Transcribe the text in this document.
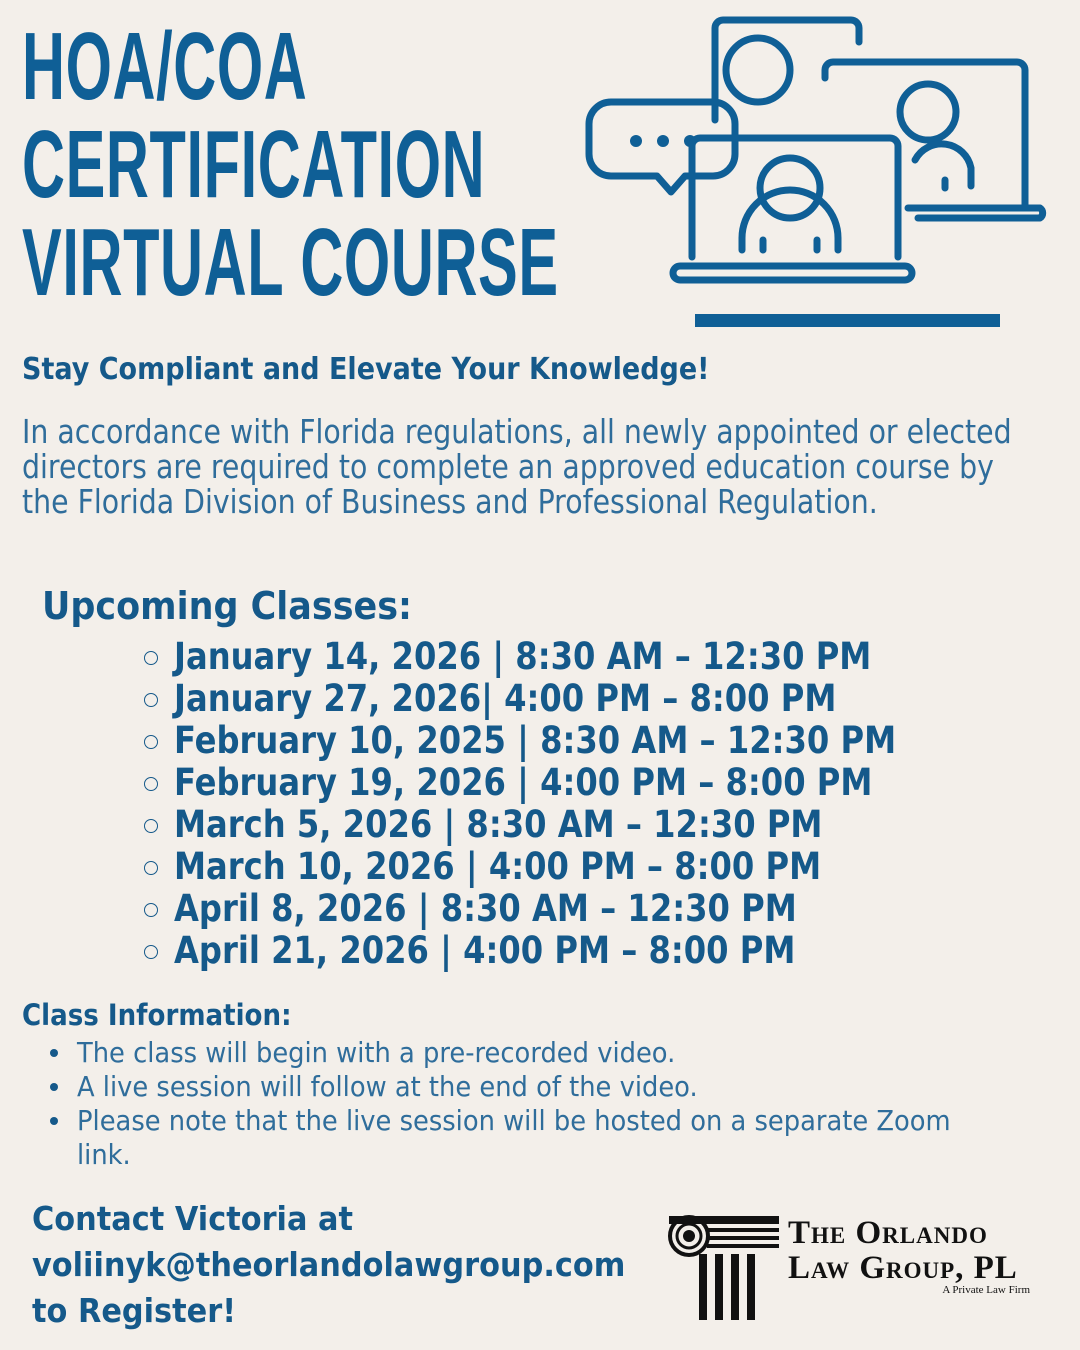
HOA/COA
CERTIFICATION
VIRTUAL COURSE

Stay Compliant and Elevate Your Knowledge!

In accordance with Florida regulations, all newly appointed or elected directors are required to complete an approved education course by the Florida Division of Business and Professional Regulation.

Upcoming Classes:
January 14, 2026 | 8:30 AM – 12:30 PM
January 27, 2026| 4:00 PM – 8:00 PM
February 10, 2025 | 8:30 AM – 12:30 PM
February 19, 2026 | 4:00 PM – 8:00 PM
March 5, 2026 | 8:30 AM – 12:30 PM
March 10, 2026 | 4:00 PM – 8:00 PM
April 8, 2026 | 8:30 AM – 12:30 PM
April 21, 2026 | 4:00 PM – 8:00 PM
Class Information:
The class will begin with a pre-recorded video.
A live session will follow at the end of the video.
Please note that the live session will be hosted on a separate Zoom link.

Contact Victoria at
voliinyk@theorlandolawgroup.com
to Register!

The Orlando
Law Group, PL
A Private Law Firm
